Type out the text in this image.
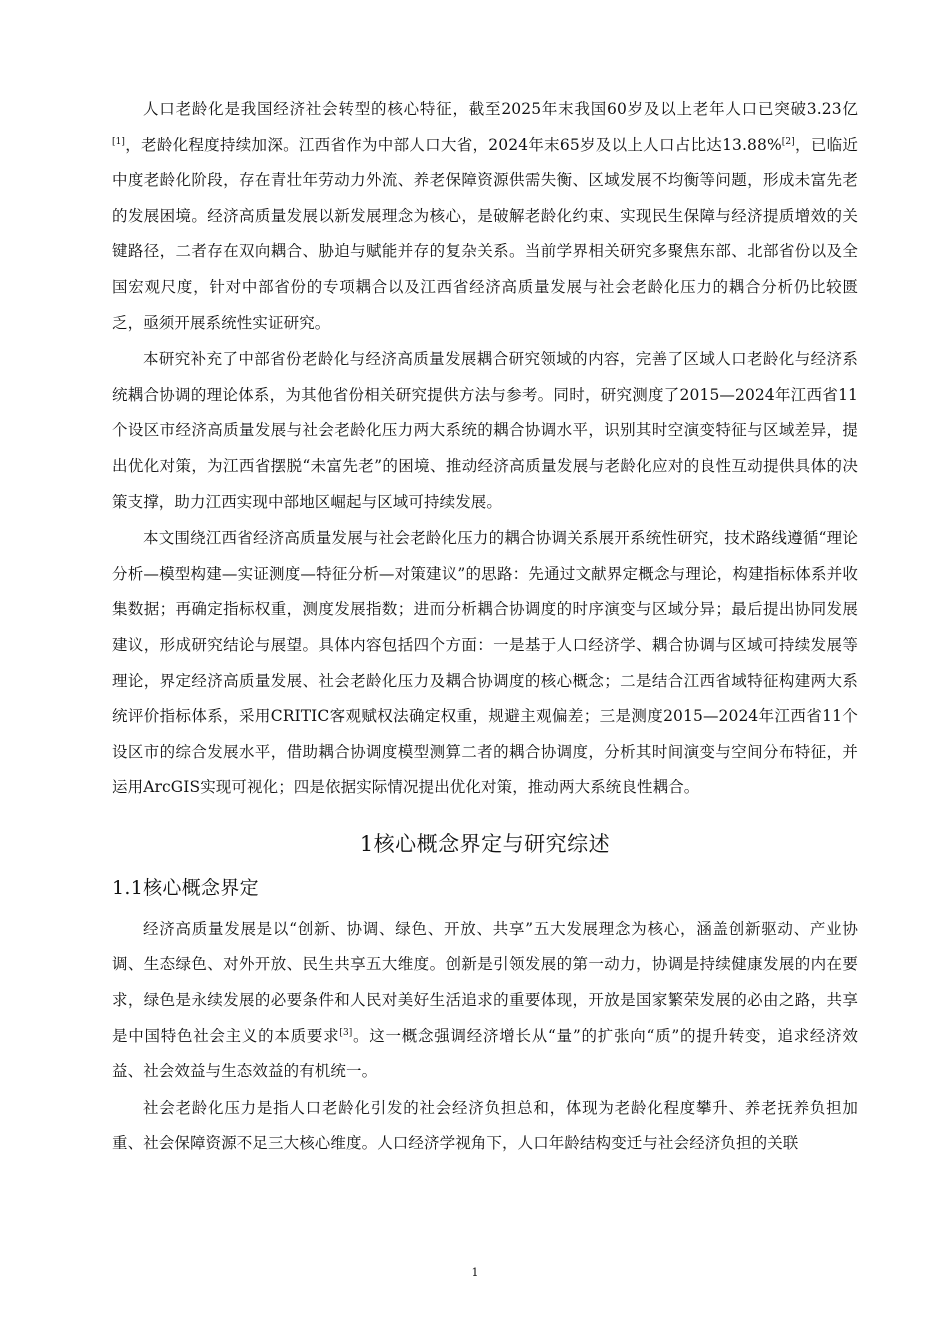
人口老龄化是我国经济社会转型的核心特征，截至2025年末我国60岁及以上老年人口已突破3.23亿[1]，老龄化程度持续加深。江西省作为中部人口大省，2024年末65岁及以上人口占比达13.88%[2]，已临近中度老龄化阶段，存在青壮年劳动力外流、养老保障资源供需失衡、区域发展不均衡等问题，形成未富先老的发展困境。经济高质量发展以新发展理念为核心，是破解老龄化约束、实现民生保障与经济提质增效的关键路径，二者存在双向耦合、胁迫与赋能并存的复杂关系。当前学界相关研究多聚焦东部、北部省份以及全国宏观尺度，针对中部省份的专项耦合以及江西省经济高质量发展与社会老龄化压力的耦合分析仍比较匮乏，亟须开展系统性实证研究。

本研究补充了中部省份老龄化与经济高质量发展耦合研究领域的内容，完善了区域人口老龄化与经济系统耦合协调的理论体系，为其他省份相关研究提供方法与参考。同时，研究测度了2015—2024年江西省11个设区市经济高质量发展与社会老龄化压力两大系统的耦合协调水平，识别其时空演变特征与区域差异，提出优化对策，为江西省摆脱“未富先老”的困境、推动经济高质量发展与老龄化应对的良性互动提供具体的决策支撑，助力江西实现中部地区崛起与区域可持续发展。

本文围绕江西省经济高质量发展与社会老龄化压力的耦合协调关系展开系统性研究，技术路线遵循“理论分析—模型构建—实证测度—特征分析—对策建议”的思路：先通过文献界定概念与理论，构建指标体系并收集数据；再确定指标权重，测度发展指数；进而分析耦合协调度的时序演变与区域分异；最后提出协同发展建议，形成研究结论与展望。具体内容包括四个方面：一是基于人口经济学、耦合协调与区域可持续发展等理论，界定经济高质量发展、社会老龄化压力及耦合协调度的核心概念；二是结合江西省域特征构建两大系统评价指标体系，采用CRITIC客观赋权法确定权重，规避主观偏差；三是测度2015—2024年江西省11个设区市的综合发展水平，借助耦合协调度模型测算二者的耦合协调度，分析其时间演变与空间分布特征，并运用ArcGIS实现可视化；四是依据实际情况提出优化对策，推动两大系统良性耦合。

1核心概念界定与研究综述
1.1核心概念界定

经济高质量发展是以“创新、协调、绿色、开放、共享”五大发展理念为核心，涵盖创新驱动、产业协调、生态绿色、对外开放、民生共享五大维度。创新是引领发展的第一动力，协调是持续健康发展的内在要求，绿色是永续发展的必要条件和人民对美好生活追求的重要体现，开放是国家繁荣发展的必由之路，共享是中国特色社会主义的本质要求[3]。这一概念强调经济增长从“量”的扩张向“质”的提升转变，追求经济效益、社会效益与生态效益的有机统一。

社会老龄化压力是指人口老龄化引发的社会经济负担总和，体现为老龄化程度攀升、养老抚养负担加重、社会保障资源不足三大核心维度。人口经济学视角下，人口年龄结构变迁与社会经济负担的关联

1
